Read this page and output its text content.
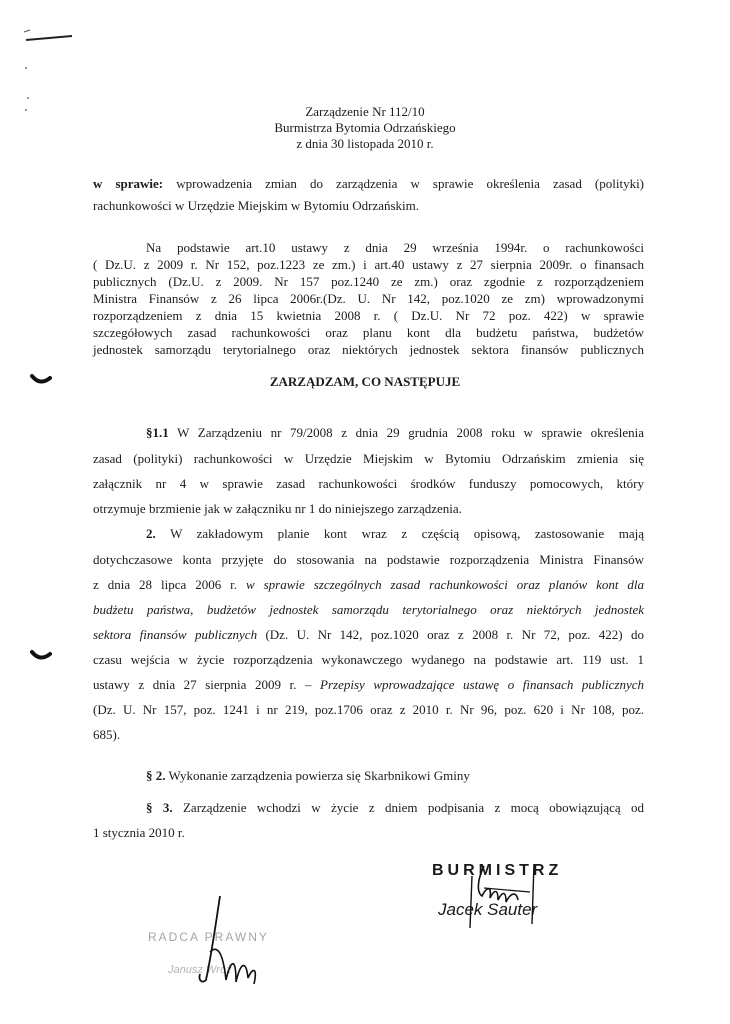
Zarządzenie Nr 112/10
Burmistrza Bytomia Odrzańskiego
z dnia 30 listopada 2010 r.
w sprawie: wprowadzenia zmian do zarządzenia w sprawie określenia zasad (polityki)
rachunkowości w Urzędzie Miejskim w Bytomiu Odrzańskim.
Na podstawie art.10 ustawy z dnia 29 września 1994r. o rachunkowości
( Dz.U. z 2009 r. Nr 152, poz.1223 ze zm.) i art.40 ustawy z 27 sierpnia 2009r. o finansach
publicznych (Dz.U. z 2009. Nr 157 poz.1240 ze zm.) oraz zgodnie z rozporządzeniem
Ministra Finansów z 26 lipca 2006r.(Dz. U. Nr 142, poz.1020 ze zm) wprowadzonymi
rozporządzeniem z dnia 15 kwietnia 2008 r. ( Dz.U. Nr 72 poz. 422) w sprawie
szczegółowych zasad rachunkowości oraz planu kont dla budżetu państwa, budżetów
jednostek samorządu terytorialnego oraz niektórych jednostek sektora finansów publicznych
ZARZĄDZAM, CO NASTĘPUJE
§1.1 W Zarządzeniu nr 79/2008 z dnia 29 grudnia 2008 roku w sprawie określenia
zasad (polityki) rachunkowości w Urzędzie Miejskim w Bytomiu Odrzańskim zmienia się
załącznik nr 4 w sprawie zasad rachunkowości środków funduszy pomocowych, który
otrzymuje brzmienie jak w załączniku nr 1 do niniejszego zarządzenia.
2. W zakładowym planie kont wraz z częścią opisową, zastosowanie mają
dotychczasowe konta przyjęte do stosowania na podstawie rozporządzenia Ministra Finansów
z dnia 28 lipca 2006 r. w sprawie szczególnych zasad rachunkowości oraz planów kont dla
budżetu państwa, budżetów jednostek samorządu terytorialnego oraz niektórych jednostek
sektora finansów publicznych (Dz. U. Nr 142, poz.1020 oraz z 2008 r. Nr 72, poz. 422) do
czasu wejścia w życie rozporządzenia wykonawczego wydanego na podstawie art. 119 ust. 1
ustawy z dnia 27 sierpnia 2009 r. – Przepisy wprowadzające ustawę o finansach publicznych
(Dz. U. Nr 157, poz. 1241 i nr 219, poz.1706 oraz z 2010 r. Nr 96, poz. 620 i Nr 108, poz.
685).
§ 2. Wykonanie zarządzenia powierza się Skarbnikowi Gminy
§ 3. Zarządzenie wchodzi w życie z dniem podpisania z mocą obowiązującą od
1 stycznia 2010 r.
BURMISTRZ
Jacek Sauter
RADCA PRAWNY
Janusz Wróż
